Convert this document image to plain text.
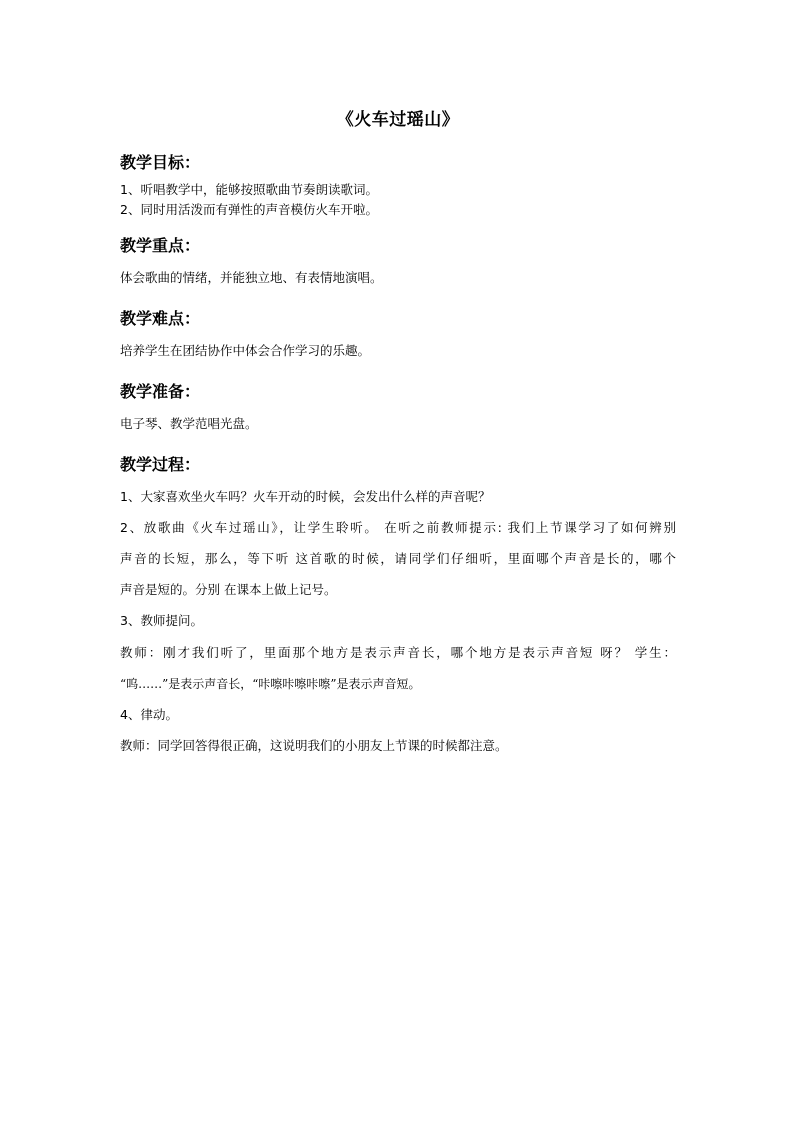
《火车过瑶山》
教学目标：
1、听唱教学中，能够按照歌曲节奏朗读歌词。
2、同时用活泼而有弹性的声音模仿火车开啦。
教学重点：
体会歌曲的情绪，并能独立地、有表情地演唱。
教学难点：
培养学生在团结协作中体会合作学习的乐趣。
教学准备：
电子琴、教学范唱光盘。
教学过程：
1、大家喜欢坐火车吗？火车开动的时候，会发出什么样的声音呢？
2、放歌曲《火车过瑶山》，让学生聆听。 在听之前教师提示: 我们上节课学习了如何辨别
声音的长短，那么，等下听 这首歌的时候，请同学们仔细听，里面哪个声音是长的，哪个
声音是短的。分别 在课本上做上记号。
3、教师提问。
教师：刚才我们听了，里面那个地方是表示声音长，哪个地方是表示声音短 呀？ 学生：
“呜……”是表示声音长，“咔嚓咔嚓咔嚓”是表示声音短。
4、律动。
教师：同学回答得很正确，这说明我们的小朋友上节课的时候都注意。
